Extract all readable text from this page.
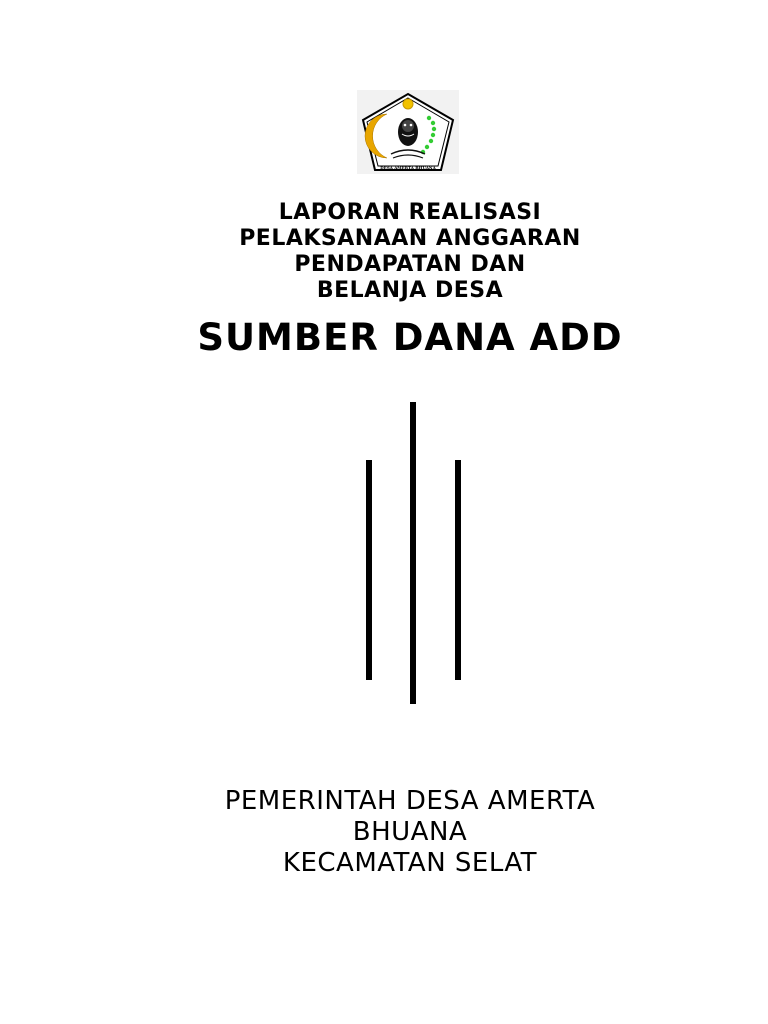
DESA AMERTA BHUANA
LAPORAN REALISASI
PELAKSANAAN ANGGARAN
PENDAPATAN DAN
BELANJA DESA
SUMBER DANA ADD
PEMERINTAH DESA AMERTA
BHUANA
KECAMATAN SELAT
